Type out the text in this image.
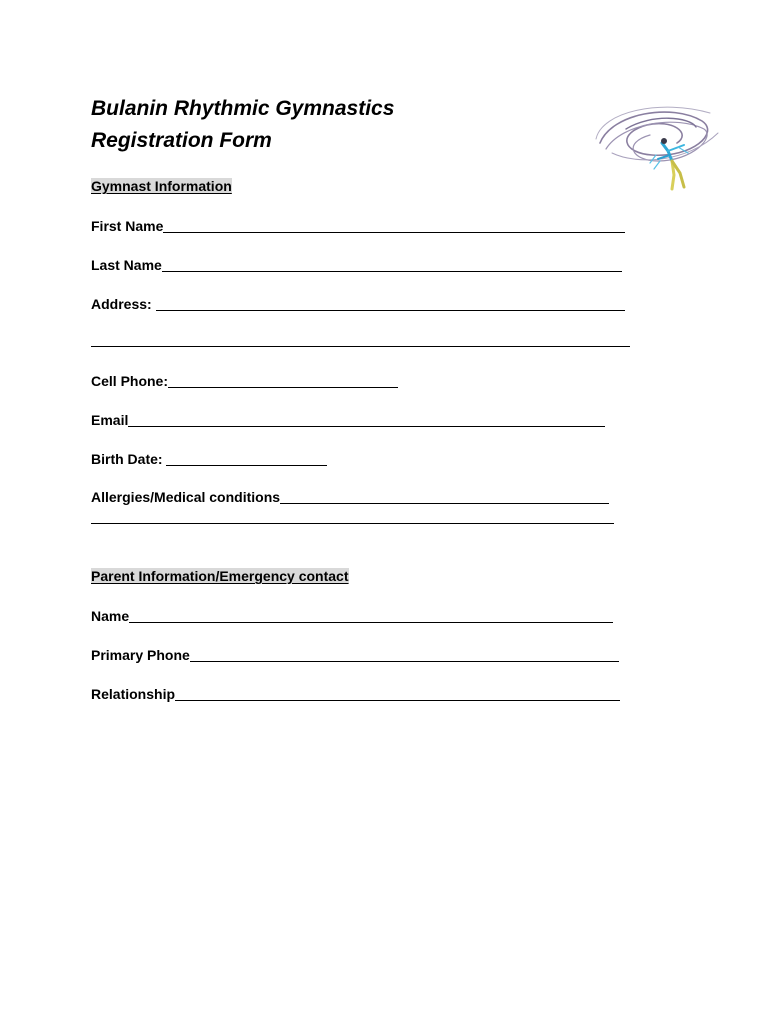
Bulanin Rhythmic Gymnastics
Registration Form
Gymnast Information
First Name
Last Name
Address:
Cell Phone:
Email
Birth Date:
Allergies/Medical conditions
Parent Information/Emergency contact
Name
Primary Phone
Relationship
